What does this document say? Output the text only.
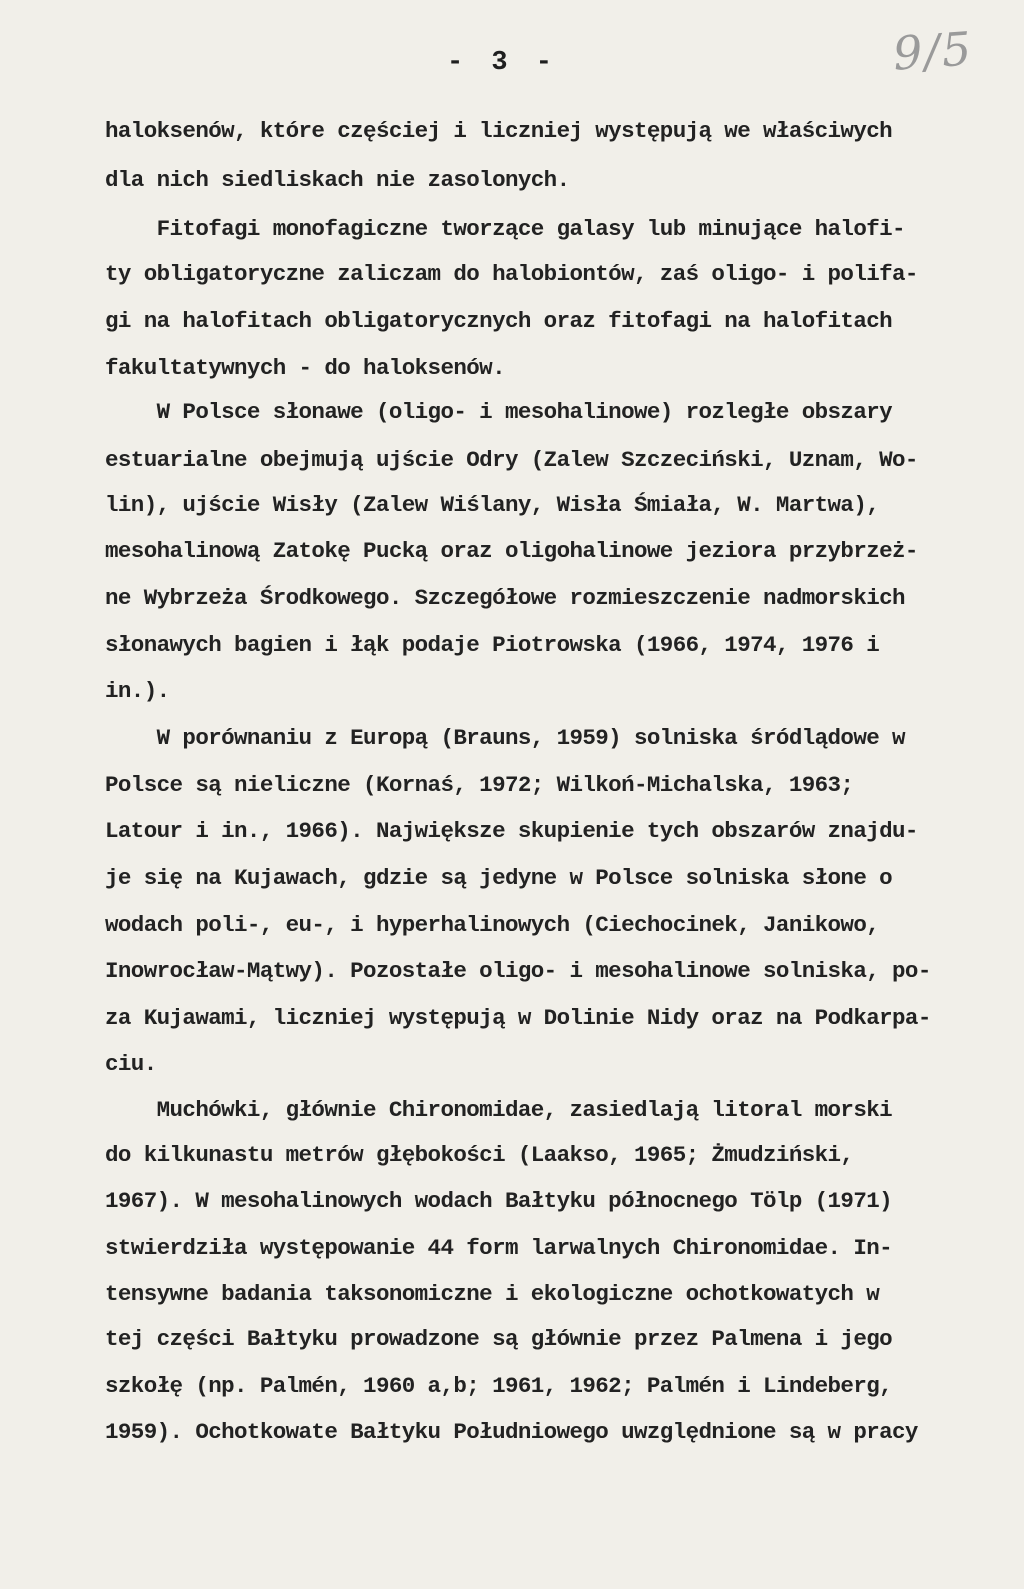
- 3 -	9/5
haloksenów, które częściej i liczniej występują we właściwych
dla nich siedliskach nie zasolonych.
Fitofagi monofagiczne tworzące galasy lub minujące halofi-
ty obligatoryczne zaliczam do halobiontów, zaś oligo- i polifa-
gi na halofitach obligatorycznych oraz fitofagi na halofitach
fakultatywnych - do haloksenów.
W Polsce słonawe (oligo- i mesohalinowe) rozległe obszary
estuarialne obejmują ujście Odry (Zalew Szczeciński, Uznam, Wo-
lin), ujście Wisły (Zalew Wiślany, Wisła Śmiała, W. Martwa),
mesohalinową Zatokę Pucką oraz oligohalinowe jeziora przybrzeż-
ne Wybrzeża Środkowego. Szczegółowe rozmieszczenie nadmorskich
słonawych bagien i łąk podaje Piotrowska (1966, 1974, 1976 i
in.).
W porównaniu z Europą (Brauns, 1959) solniska śródlądowe w
Polsce są nieliczne (Kornaś, 1972; Wilkoń-Michalska, 1963;
Latour i in., 1966). Największe skupienie tych obszarów znajdu-
je się na Kujawach, gdzie są jedyne w Polsce solniska słone o
wodach poli-, eu-, i hyperhalinowych (Ciechocinek, Janikowo,
Inowrocław-Mątwy). Pozostałe oligo- i mesohalinowe solniska, po-
za Kujawami, liczniej występują w Dolinie Nidy oraz na Podkarpa-
ciu.
Muchówki, głównie Chironomidae, zasiedlają litoral morski
do kilkunastu metrów głębokości (Laakso, 1965; Żmudziński,
1967). W mesohalinowych wodach Bałtyku północnego Tölp (1971)
stwierdziła występowanie 44 form larwalnych Chironomidae. In-
tensywne badania taksonomiczne i ekologiczne ochotkowatych w
tej części Bałtyku prowadzone są głównie przez Palmena i jego
szkołę (np. Palmén, 1960 a,b; 1961, 1962; Palmén i Lindeberg,
1959). Ochotkowate Bałtyku Południowego uwzględnione są w pracy
